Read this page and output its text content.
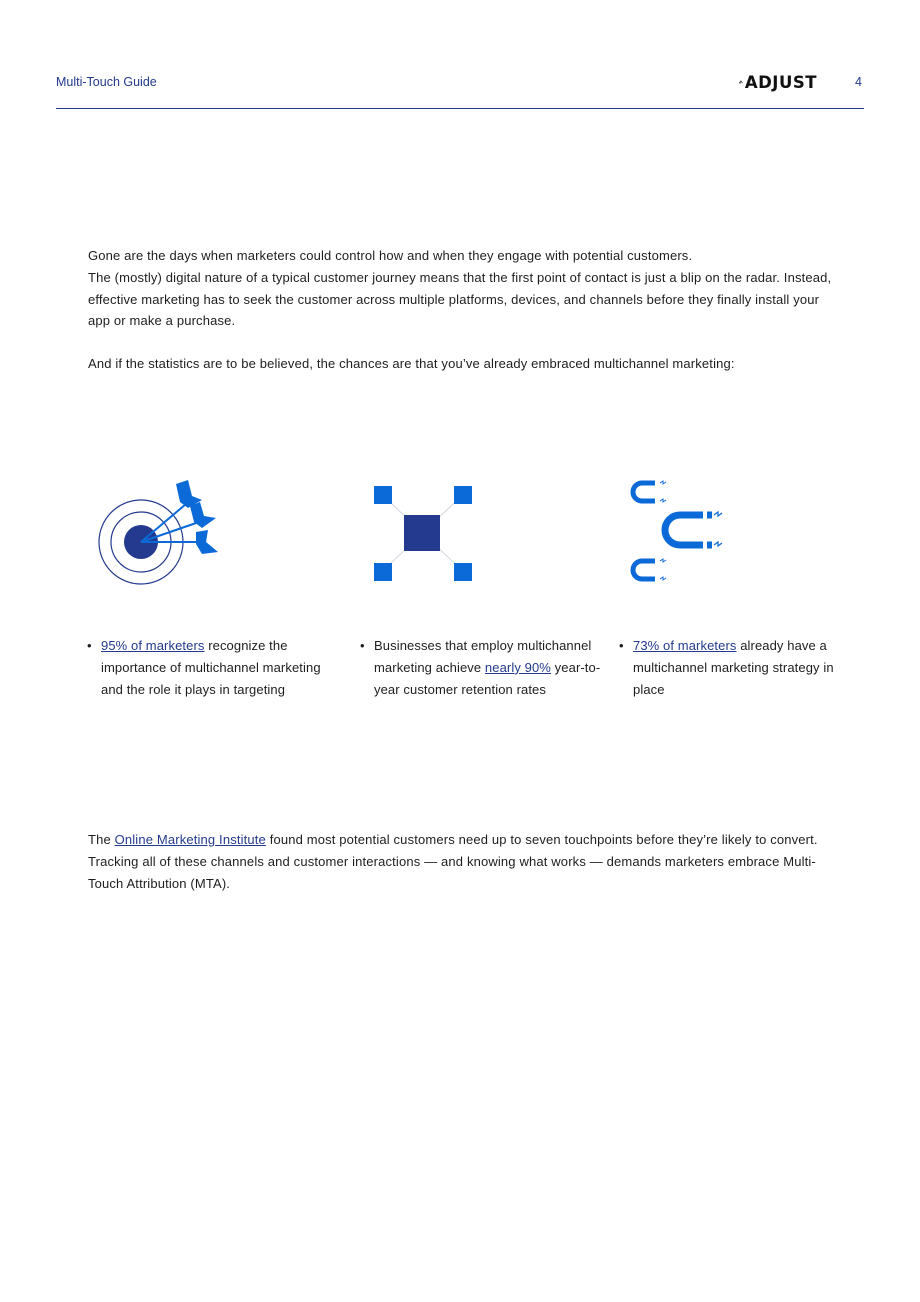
Multi-Touch Guide	ADJUST	4

Gone are the days when marketers could control how and when they engage with potential customers.
The (mostly) digital nature of a typical customer journey means that the first point of contact is just a blip on the radar. Instead, effective marketing has to seek the customer across multiple platforms, devices, and channels before they finally install your app or make a purchase.

And if the statistics are to be believed, the chances are that you’ve already embraced multichannel marketing:

• 95% of marketers recognize the importance of multichannel marketing and the role it plays in targeting
• Businesses that employ multichannel marketing achieve nearly 90% year-to-year customer retention rates
• 73% of marketers already have a multichannel marketing strategy in place

The Online Marketing Institute found most potential customers need up to seven touchpoints before they’re likely to convert. Tracking all of these channels and customer interactions — and knowing what works — demands marketers embrace Multi-Touch Attribution (MTA).
